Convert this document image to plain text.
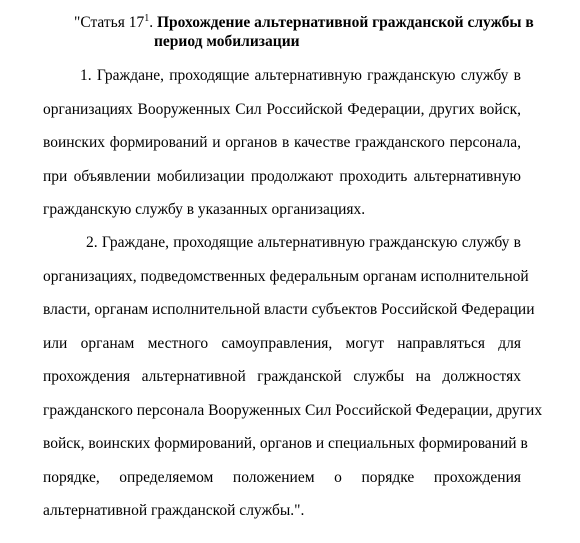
"Статья $17^1$. Прохождение альтернативной гражданской службы в
период мобилизации
1. Граждане, проходящие альтернативную гражданскую службу в
организациях Вооруженных Сил Российской Федерации, других войск,
воинских формирований и органов в качестве гражданского персонала,
при объявлении мобилизации продолжают проходить альтернативную
гражданскую службу в указанных организациях.
2. Граждане, проходящие альтернативную гражданскую службу в
организациях, подведомственных федеральным органам исполнительной
власти, органам исполнительной власти субъектов Российской Федерации
или органам местного самоуправления, могут направляться для
прохождения альтернативной гражданской службы на должностях
гражданского персонала Вооруженных Сил Российской Федерации, других
войск, воинских формирований, органов и специальных формирований в
порядке, определяемом положением о порядке прохождения
альтернативной гражданской службы.".
